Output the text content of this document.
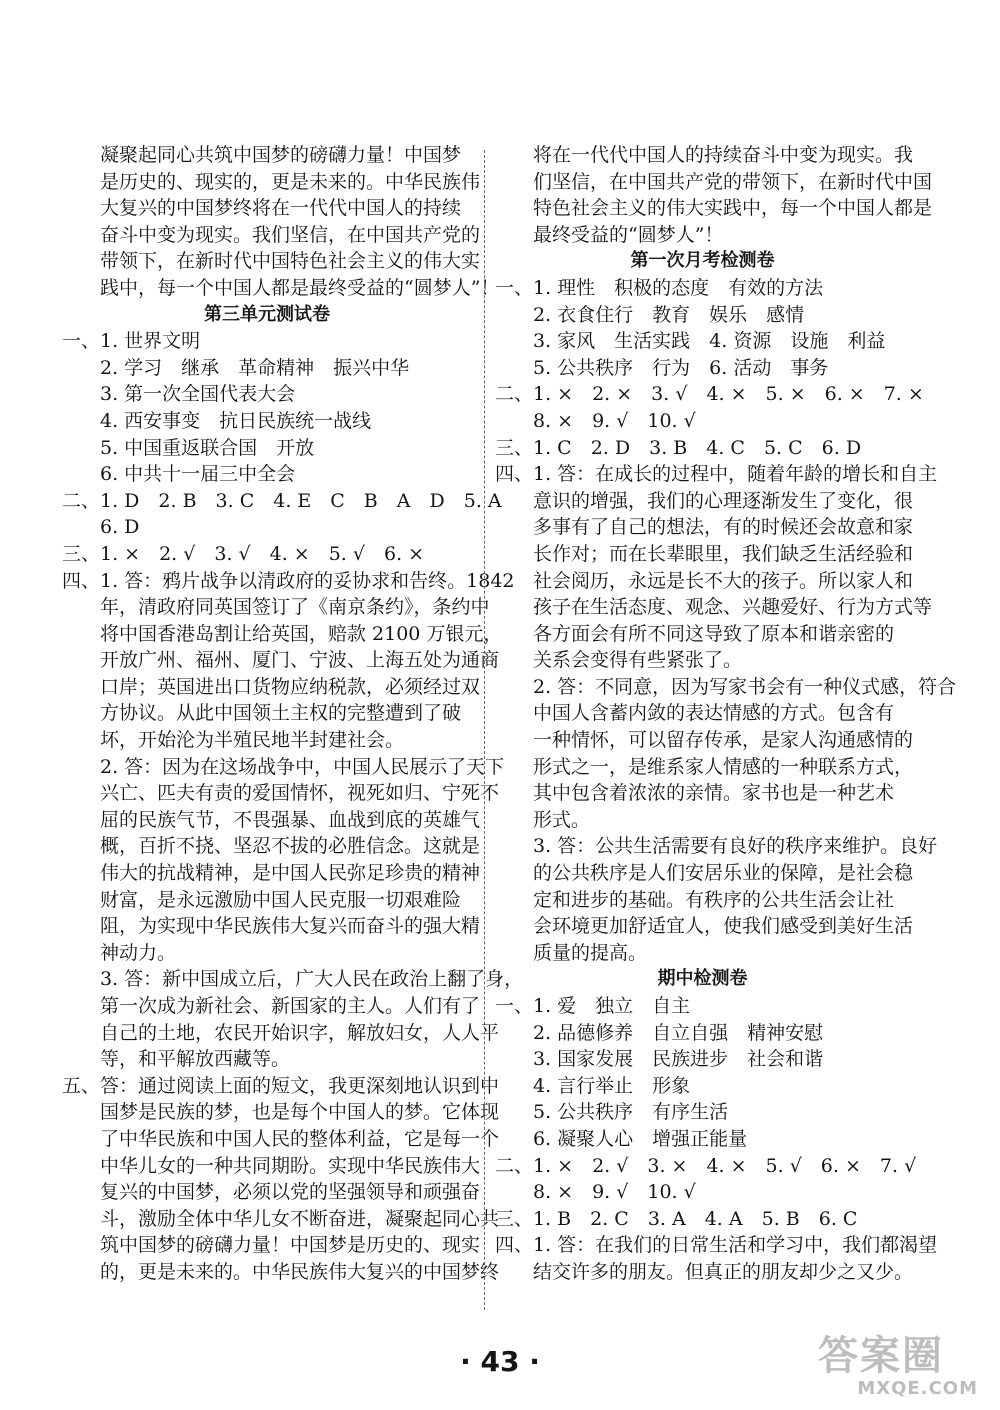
凝聚起同心共筑中国梦的磅礴力量！中国梦
是历史的、现实的，更是未来的。中华民族伟
大复兴的中国梦终将在一代代中国人的持续
奋斗中变为现实。我们坚信，在中国共产党的
带领下，在新时代中国特色社会主义的伟大实
践中，每一个中国人都是最终受益的“圆梦人”！
第三单元测试卷
一、1. 世界文明
2. 学习　继承　革命精神　振兴中华
3. 第一次全国代表大会
4. 西安事变　抗日民族统一战线
5. 中国重返联合国　开放
6. 中共十一届三中全会
二、1. D　2. B　3. C　4. E　C　B　A　D　5. A
6. D
三、1. ×　2. √　3. √　4. ×　5. √　6. ×
四、1. 答：鸦片战争以清政府的妥协求和告终。1842
年，清政府同英国签订了《南京条约》，条约中
将中国香港岛割让给英国，赔款 2100 万银元，
开放广州、福州、厦门、宁波、上海五处为通商
口岸；英国进出口货物应纳税款，必须经过双
方协议。从此中国领土主权的完整遭到了破
坏，开始沦为半殖民地半封建社会。
2. 答：因为在这场战争中，中国人民展示了天下
兴亡、匹夫有责的爱国情怀，视死如归、宁死不
屈的民族气节，不畏强暴、血战到底的英雄气
概，百折不挠、坚忍不拔的必胜信念。这就是
伟大的抗战精神，是中国人民弥足珍贵的精神
财富，是永远激励中国人民克服一切艰难险
阻，为实现中华民族伟大复兴而奋斗的强大精
神动力。
3. 答：新中国成立后，广大人民在政治上翻了身，
第一次成为新社会、新国家的主人。人们有了
自己的土地，农民开始识字，解放妇女，人人平
等，和平解放西藏等。
五、答：通过阅读上面的短文，我更深刻地认识到中
国梦是民族的梦，也是每个中国人的梦。它体现
了中华民族和中国人民的整体利益，它是每一个
中华儿女的一种共同期盼。实现中华民族伟大
复兴的中国梦，必须以党的坚强领导和顽强奋
斗，激励全体中华儿女不断奋进，凝聚起同心共
筑中国梦的磅礴力量！中国梦是历史的、现实
的，更是未来的。中华民族伟大复兴的中国梦终
将在一代代中国人的持续奋斗中变为现实。我
们坚信，在中国共产党的带领下，在新时代中国
特色社会主义的伟大实践中，每一个中国人都是
最终受益的“圆梦人”！
第一次月考检测卷
一、1. 理性　积极的态度　有效的方法
2. 衣食住行　教育　娱乐　感情
3. 家风　生活实践　4. 资源　设施　利益
5. 公共秩序　行为　6. 活动　事务
二、1. ×　2. ×　3. √　4. ×　5. ×　6. ×　7. ×
8. ×　9. √　10. √
三、1. C　2. D　3. B　4. C　5. C　6. D
四、1. 答：在成长的过程中，随着年龄的增长和自主
意识的增强，我们的心理逐渐发生了变化，很
多事有了自己的想法，有的时候还会故意和家
长作对；而在长辈眼里，我们缺乏生活经验和
社会阅历，永远是长不大的孩子。所以家人和
孩子在生活态度、观念、兴趣爱好、行为方式等
各方面会有所不同这导致了原本和谐亲密的
关系会变得有些紧张了。
2. 答：不同意，因为写家书会有一种仪式感，符合
中国人含蓄内敛的表达情感的方式。包含有
一种情怀，可以留存传承，是家人沟通感情的
形式之一，是维系家人情感的一种联系方式，
其中包含着浓浓的亲情。家书也是一种艺术
形式。
3. 答：公共生活需要有良好的秩序来维护。良好
的公共秩序是人们安居乐业的保障，是社会稳
定和进步的基础。有秩序的公共生活会让社
会环境更加舒适宜人，使我们感受到美好生活
质量的提高。
期中检测卷
一、1. 爱　独立　自主
2. 品德修养　自立自强　精神安慰
3. 国家发展　民族进步　社会和谐
4. 言行举止　形象
5. 公共秩序　有序生活
6. 凝聚人心　增强正能量
二、1. ×　2. √　3. ×　4. ×　5. √　6. ×　7. √
8. ×　9. √　10. √
三、1. B　2. C　3. A　4. A　5. B　6. C
四、1. 答：在我们的日常生活和学习中，我们都渴望
结交许多的朋友。但真正的朋友却少之又少。
· 43 ·	答案圈
MXQE.COM
